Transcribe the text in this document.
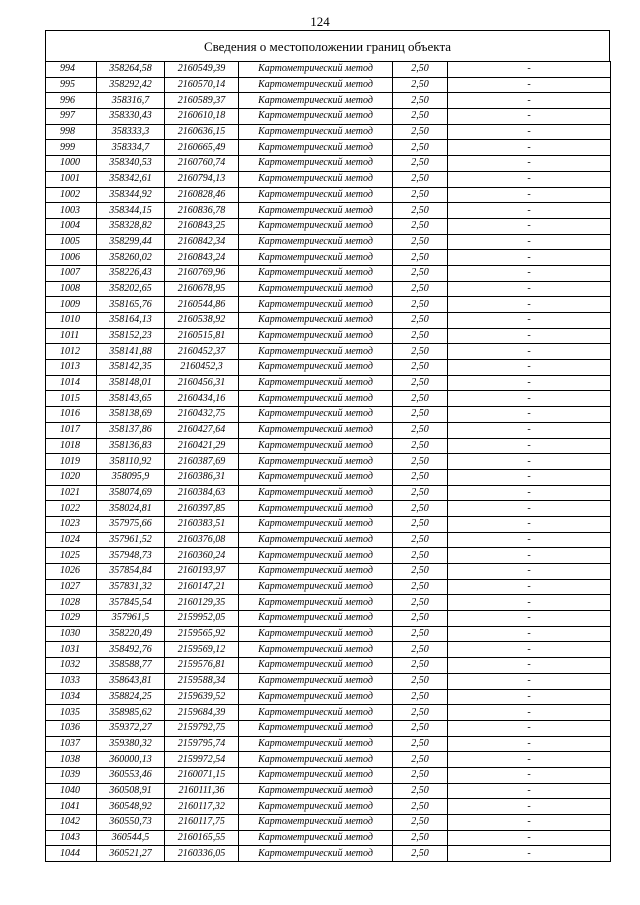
124
Сведения о местоположении границ объекта
994	358264,58	2160549,39	Картометрический метод	2,50	-
995	358292,42	2160570,14	Картометрический метод	2,50	-
996	358316,7	2160589,37	Картометрический метод	2,50	-
997	358330,43	2160610,18	Картометрический метод	2,50	-
998	358333,3	2160636,15	Картометрический метод	2,50	-
999	358334,7	2160665,49	Картометрический метод	2,50	-
1000	358340,53	2160760,74	Картометрический метод	2,50	-
1001	358342,61	2160794,13	Картометрический метод	2,50	-
1002	358344,92	2160828,46	Картометрический метод	2,50	-
1003	358344,15	2160836,78	Картометрический метод	2,50	-
1004	358328,82	2160843,25	Картометрический метод	2,50	-
1005	358299,44	2160842,34	Картометрический метод	2,50	-
1006	358260,02	2160843,24	Картометрический метод	2,50	-
1007	358226,43	2160769,96	Картометрический метод	2,50	-
1008	358202,65	2160678,95	Картометрический метод	2,50	-
1009	358165,76	2160544,86	Картометрический метод	2,50	-
1010	358164,13	2160538,92	Картометрический метод	2,50	-
1011	358152,23	2160515,81	Картометрический метод	2,50	-
1012	358141,88	2160452,37	Картометрический метод	2,50	-
1013	358142,35	2160452,3	Картометрический метод	2,50	-
1014	358148,01	2160456,31	Картометрический метод	2,50	-
1015	358143,65	2160434,16	Картометрический метод	2,50	-
1016	358138,69	2160432,75	Картометрический метод	2,50	-
1017	358137,86	2160427,64	Картометрический метод	2,50	-
1018	358136,83	2160421,29	Картометрический метод	2,50	-
1019	358110,92	2160387,69	Картометрический метод	2,50	-
1020	358095,9	2160386,31	Картометрический метод	2,50	-
1021	358074,69	2160384,63	Картометрический метод	2,50	-
1022	358024,81	2160397,85	Картометрический метод	2,50	-
1023	357975,66	2160383,51	Картометрический метод	2,50	-
1024	357961,52	2160376,08	Картометрический метод	2,50	-
1025	357948,73	2160360,24	Картометрический метод	2,50	-
1026	357854,84	2160193,97	Картометрический метод	2,50	-
1027	357831,32	2160147,21	Картометрический метод	2,50	-
1028	357845,54	2160129,35	Картометрический метод	2,50	-
1029	357961,5	2159952,05	Картометрический метод	2,50	-
1030	358220,49	2159565,92	Картометрический метод	2,50	-
1031	358492,76	2159569,12	Картометрический метод	2,50	-
1032	358588,77	2159576,81	Картометрический метод	2,50	-
1033	358643,81	2159588,34	Картометрический метод	2,50	-
1034	358824,25	2159639,52	Картометрический метод	2,50	-
1035	358985,62	2159684,39	Картометрический метод	2,50	-
1036	359372,27	2159792,75	Картометрический метод	2,50	-
1037	359380,32	2159795,74	Картометрический метод	2,50	-
1038	360000,13	2159972,54	Картометрический метод	2,50	-
1039	360553,46	2160071,15	Картометрический метод	2,50	-
1040	360508,91	2160111,36	Картометрический метод	2,50	-
1041	360548,92	2160117,32	Картометрический метод	2,50	-
1042	360550,73	2160117,75	Картометрический метод	2,50	-
1043	360544,5	2160165,55	Картометрический метод	2,50	-
1044	360521,27	2160336,05	Картометрический метод	2,50	-
